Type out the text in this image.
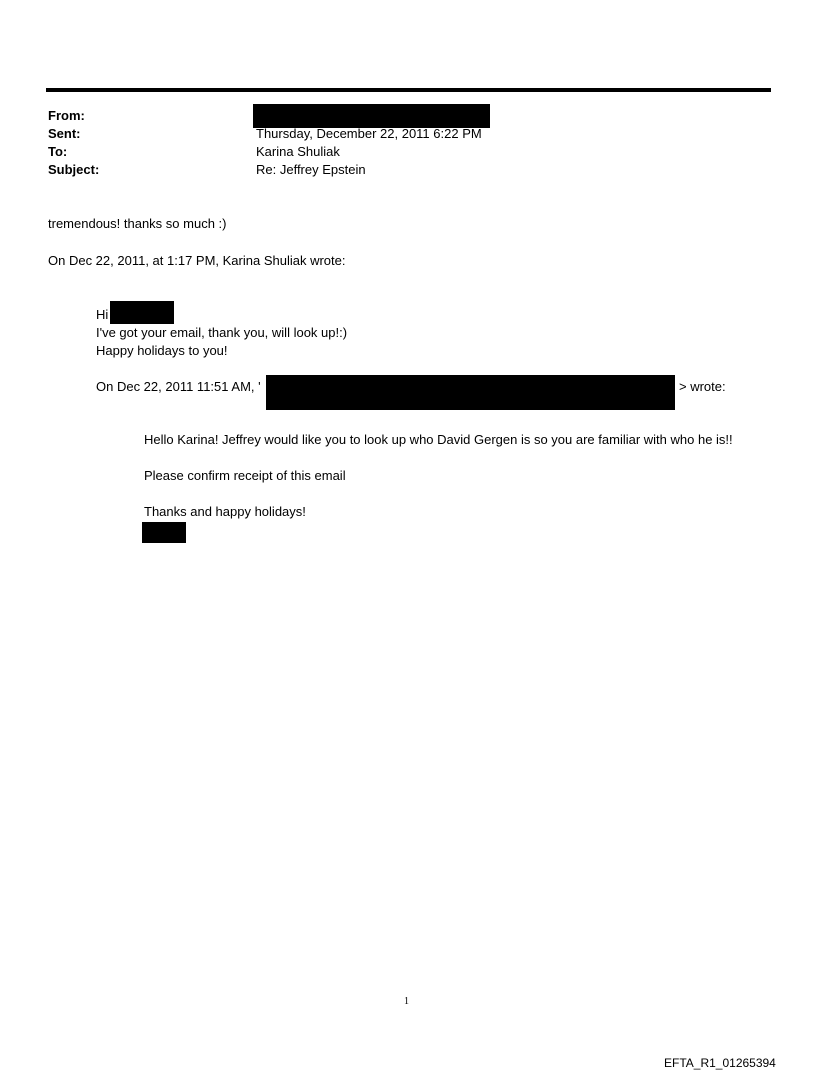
From:
Sent:	Thursday, December 22, 2011 6:22 PM
To:	Karina Shuliak
Subject:	Re: Jeffrey Epstein
tremendous! thanks so much :)
On Dec 22, 2011, at 1:17 PM, Karina Shuliak wrote:
Hi
I've got your email, thank you, will look up!:)
Happy holidays to you!
On Dec 22, 2011 11:51 AM, '	> wrote:
Hello Karina! Jeffrey would like you to look up who David Gergen is so you are familiar with who he is!!
Please confirm receipt of this email
Thanks and happy holidays!
1
EFTA_R1_01265394
